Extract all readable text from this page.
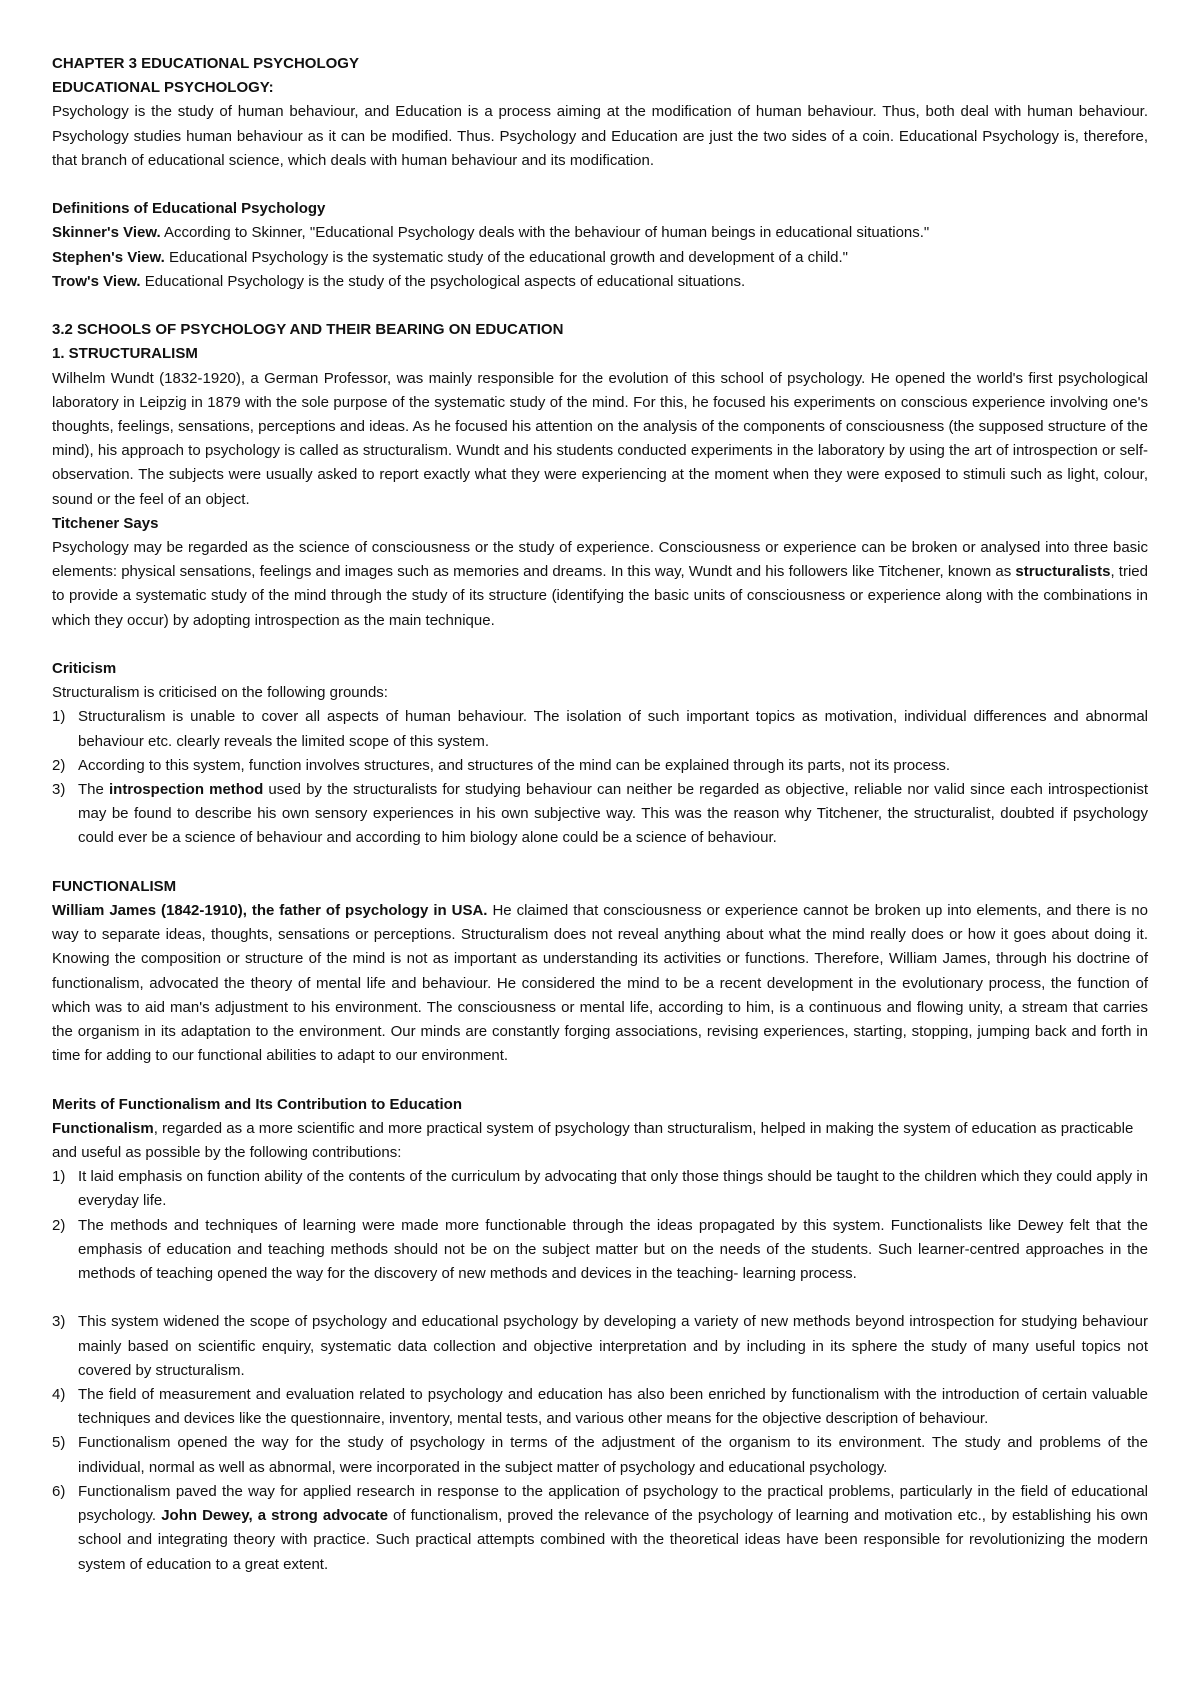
CHAPTER 3 EDUCATIONAL PSYCHOLOGY
EDUCATIONAL PSYCHOLOGY:

Psychology is the study of human behaviour, and Education is a process aiming at the modification of human behaviour. Thus, both deal with human behaviour. Psychology studies human behaviour as it can be modified. Thus. Psychology and Education are just the two sides of a coin. Educational Psychology is, therefore, that branch of educational science, which deals with human behaviour and its modification.

Definitions of Educational Psychology

Skinner's View. According to Skinner, "Educational Psychology deals with the behaviour of human beings in educational situations."

Stephen's View. Educational Psychology is the systematic study of the educational growth and development of a child."

Trow's View. Educational Psychology is the study of the psychological aspects of educational situations.

3.2 SCHOOLS OF PSYCHOLOGY AND THEIR BEARING ON EDUCATION
1. STRUCTURALISM

Wilhelm Wundt (1832-1920), a German Professor, was mainly responsible for the evolution of this school of psychology. He opened the world's first psychological laboratory in Leipzig in 1879 with the sole purpose of the systematic study of the mind. For this, he focused his experiments on conscious experience involving one's thoughts, feelings, sensations, perceptions and ideas. As he focused his attention on the analysis of the components of consciousness (the supposed structure of the mind), his approach to psychology is called as structuralism. Wundt and his students conducted experiments in the laboratory by using the art of introspection or self- observation. The subjects were usually asked to report exactly what they were experiencing at the moment when they were exposed to stimuli such as light, colour, sound or the feel of an object.

Titchener Says

Psychology may be regarded as the science of consciousness or the study of experience. Consciousness or experience can be broken or analysed into three basic elements: physical sensations, feelings and images such as memories and dreams. In this way, Wundt and his followers like Titchener, known as structuralists, tried to provide a systematic study of the mind through the study of its structure (identifying the basic units of consciousness or experience along with the combinations in which they occur) by adopting introspection as the main technique.

Criticism

Structuralism is criticised on the following grounds:

1) Structuralism is unable to cover all aspects of human behaviour. The isolation of such important topics as motivation, individual differences and abnormal behaviour etc. clearly reveals the limited scope of this system.
2) According to this system, function involves structures, and structures of the mind can be explained through its parts, not its process.
3) The introspection method used by the structuralists for studying behaviour can neither be regarded as objective, reliable nor valid since each introspectionist may be found to describe his own sensory experiences in his own subjective way. This was the reason why Titchener, the structuralist, doubted if psychology could ever be a science of behaviour and according to him biology alone could be a science of behaviour.
FUNCTIONALISM

William James (1842-1910), the father of psychology in USA. He claimed that consciousness or experience cannot be broken up into elements, and there is no way to separate ideas, thoughts, sensations or perceptions. Structuralism does not reveal anything about what the mind really does or how it goes about doing it. Knowing the composition or structure of the mind is not as important as understanding its activities or functions. Therefore, William James, through his doctrine of functionalism, advocated the theory of mental life and behaviour. He considered the mind to be a recent development in the evolutionary process, the function of which was to aid man's adjustment to his environment. The consciousness or mental life, according to him, is a continuous and flowing unity, a stream that carries the organism in its adaptation to the environment. Our minds are constantly forging associations, revising experiences, starting, stopping, jumping back and forth in time for adding to our functional abilities to adapt to our environment.

Merits of Functionalism and Its Contribution to Education

Functionalism, regarded as a more scientific and more practical system of psychology than structuralism, helped in making the system of education as practicable and useful as possible by the following contributions:

1) It laid emphasis on function ability of the contents of the curriculum by advocating that only those things should be taught to the children which they could apply in everyday life.
2) The methods and techniques of learning were made more functionable through the ideas propagated by this system. Functionalists like Dewey felt that the emphasis of education and teaching methods should not be on the subject matter but on the needs of the students. Such learner-centred approaches in the methods of teaching opened the way for the discovery of new methods and devices in the teaching- learning process.
3) This system widened the scope of psychology and educational psychology by developing a variety of new methods beyond introspection for studying behaviour mainly based on scientific enquiry, systematic data collection and objective interpretation and by including in its sphere the study of many useful topics not covered by structuralism.
4) The field of measurement and evaluation related to psychology and education has also been enriched by functionalism with the introduction of certain valuable techniques and devices like the questionnaire, inventory, mental tests, and various other means for the objective description of behaviour.
5) Functionalism opened the way for the study of psychology in terms of the adjustment of the organism to its environment. The study and problems of the individual, normal as well as abnormal, were incorporated in the subject matter of psychology and educational psychology.
6) Functionalism paved the way for applied research in response to the application of psychology to the practical problems, particularly in the field of educational psychology. John Dewey, a strong advocate of functionalism, proved the relevance of the psychology of learning and motivation etc., by establishing his own school and integrating theory with practice. Such practical attempts combined with the theoretical ideas have been responsible for revolutionizing the modern system of education to a great extent.
